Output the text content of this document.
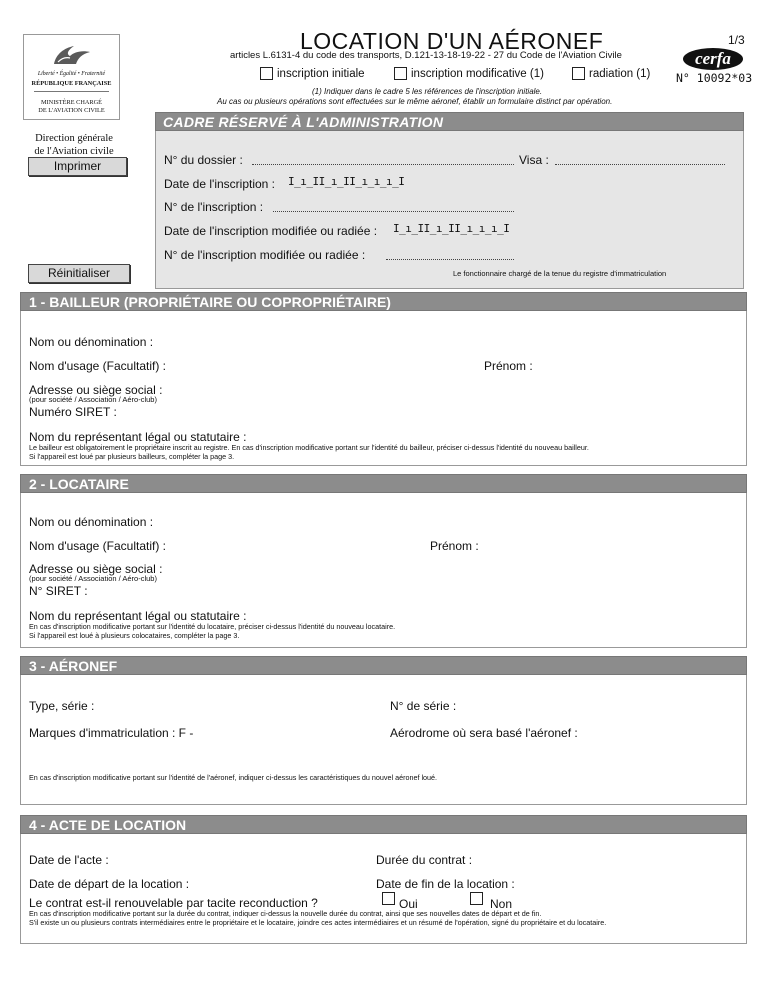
LOCATION D'UN AÉRONEF	1/3
articles L.6131-4 du code des transports, D.121-13-18-19-22 - 27 du Code de l'Aviation Civile	cerfa
N° 10092*03
inscription initiale	inscription modificative (1)	radiation (1)
(1) Indiquer dans le cadre 5 les références de l'inscription initiale.
Au cas ou plusieurs opérations sont effectuées sur le même aéronef, établir un formulaire distinct par opération.
Liberté • Égalité • Fraternité
RÉPUBLIQUE FRANÇAISE
MINISTÈRE CHARGÉ
DE L'AVIATION CIVILE
Direction générale
de l'Aviation civile
Imprimer
Réinitialiser
CADRE RÉSERVÉ À L'ADMINISTRATION
N° du dossier :	Visa :
Date de l'inscription : I_ı_II_ı_II_ı_ı_ı_I
N° de l'inscription :
Date de l'inscription modifiée ou radiée : I_ı_II_ı_II_ı_ı_ı_I
N° de l'inscription modifiée ou radiée :
Le fonctionnaire chargé de la tenue du registre d'immatriculation
1 - BAILLEUR (PROPRIÉTAIRE OU COPROPRIÉTAIRE)
Nom ou dénomination :
Nom d'usage (Facultatif) :	Prénom :
Adresse ou siège social :
(pour société / Association / Aéro-club)
Numéro SIRET :
Nom du représentant légal ou statutaire :
Le bailleur est obligatoirement le propriétaire inscrit au registre. En cas d'inscription modificative portant sur l'identité du bailleur, préciser ci-dessus l'identité du nouveau bailleur.
Si l'appareil est loué par plusieurs bailleurs, compléter la page 3.
2 - LOCATAIRE
Nom ou dénomination :
Nom d'usage (Facultatif) :	Prénom :
Adresse ou siège social :
(pour société / Association / Aéro-club)
N° SIRET :
Nom du représentant légal ou statutaire :
En cas d'inscription modificative portant sur l'identité du locataire, préciser ci-dessus l'identité du nouveau locataire.
Si l'appareil est loué à plusieurs colocataires, compléter la page 3.
3 - AÉRONEF
Type, série :	N° de série :
Marques d'immatriculation : F -	Aérodrome où sera basé l'aéronef :
En cas d'inscription modificative portant sur l'identité de l'aéronef, indiquer ci-dessus les caractéristiques du nouvel aéronef loué.
4 - ACTE DE LOCATION
Date de l'acte :	Durée du contrat :
Date de départ de la location :	Date de fin de la location :
Le contrat est-il renouvelable par tacite reconduction ?	Oui	Non
En cas d'inscription modificative portant sur la durée du contrat, indiquer ci-dessus la nouvelle durée du contrat, ainsi que ses nouvelles dates de départ et de fin.
S'il existe un ou plusieurs contrats intermédiaires entre le propriétaire et le locataire, joindre ces actes intermédiaires et un résumé de l'opération, signé du propriétaire et du locataire.
